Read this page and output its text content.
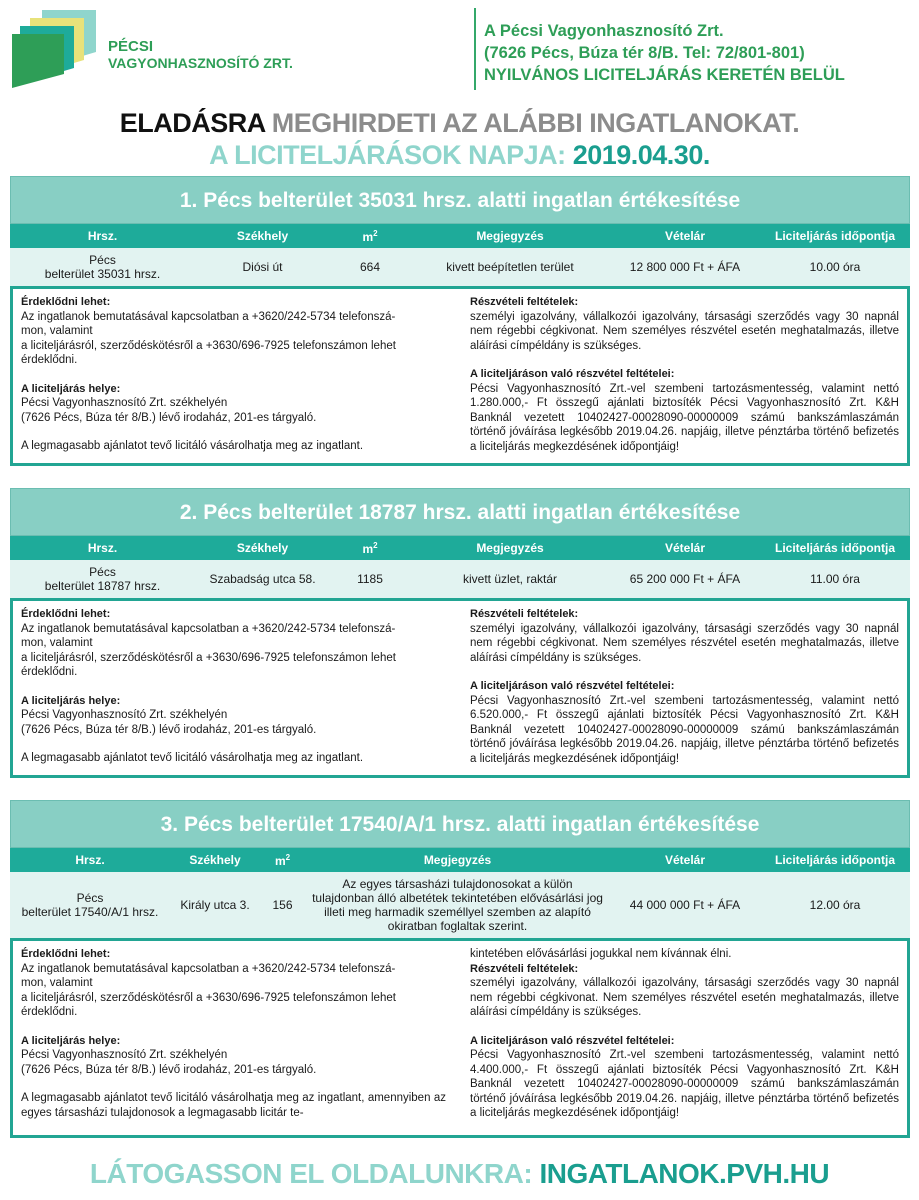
PÉCSI
VAGYONHASZNOSÍTÓ ZRT.
A Pécsi Vagyonhasznosító Zrt.
(7626 Pécs, Búza tér 8/B. Tel: 72/801-801)
NYILVÁNOS LICITELJÁRÁS KERETÉN BELÜL
ELADÁSRA MEGHIRDETI AZ ALÁBBI INGATLANOKAT.
A LICITELJÁRÁSOK NAPJA: 2019.04.30.
1. Pécs belterület 35031 hrsz. alatti ingatlan értékesítése
Hrsz.	Székhely	$m^2$	Megjegyzés	Vételár	Liciteljárás időpontja

Pécs
belterület 35031 hrsz.	Diósi út	664	kivett beépítetlen terület	12 800 000 Ft + ÁFA	10.00 óra
Érdeklődni lehet:
Az ingatlanok bemutatásával kapcsolatban a +3620/242-5734 telefonszá-
mon, valamint
a liciteljárásról, szerződéskötésről a +3630/696-7925 telefonszámon lehet
érdeklődni.
A liciteljárás helye:
Pécsi Vagyonhasznosító Zrt. székhelyén
(7626 Pécs, Búza tér 8/B.) lévő irodaház, 201-es tárgyaló.
A legmagasabb ajánlatot tevő licitáló vásárolhatja meg az ingatlant.
Részvételi feltételek:
személyi igazolvány, vállalkozói igazolvány, társasági szerződés vagy 30 napnál nem régebbi cégkivonat. Nem személyes részvétel esetén meghatalmazás, illetve aláírási címpéldány is szükséges.
A liciteljáráson való részvétel feltételei:
Pécsi Vagyonhasznosító Zrt.-vel szembeni tartozásmentesség, valamint nettó 1.280.000,- Ft összegű ajánlati biztosíték Pécsi Vagyonhasznosító Zrt. K&H Banknál vezetett 10402427-00028090-00000009 számú bankszámlaszámán történő jóváírása legkésőbb 2019.04.26. napjáig, illetve pénztárba történő befizetés a liciteljárás megkezdésének időpontjáig!
2. Pécs belterület 18787 hrsz. alatti ingatlan értékesítése
Hrsz.	Székhely	$m^2$	Megjegyzés	Vételár	Liciteljárás időpontja

Pécs
belterület 18787 hrsz.	Szabadság utca 58.	1185	kivett üzlet, raktár	65 200 000 Ft + ÁFA	11.00 óra
Érdeklődni lehet:
Az ingatlanok bemutatásával kapcsolatban a +3620/242-5734 telefonszá-
mon, valamint
a liciteljárásról, szerződéskötésről a +3630/696-7925 telefonszámon lehet
érdeklődni.
A liciteljárás helye:
Pécsi Vagyonhasznosító Zrt. székhelyén
(7626 Pécs, Búza tér 8/B.) lévő irodaház, 201-es tárgyaló.
A legmagasabb ajánlatot tevő licitáló vásárolhatja meg az ingatlant.
Részvételi feltételek:
személyi igazolvány, vállalkozói igazolvány, társasági szerződés vagy 30 napnál nem régebbi cégkivonat. Nem személyes részvétel esetén meghatalmazás, illetve aláírási címpéldány is szükséges.
A liciteljáráson való részvétel feltételei:
Pécsi Vagyonhasznosító Zrt.-vel szembeni tartozásmentesség, valamint nettó 6.520.000,- Ft összegű ajánlati biztosíték Pécsi Vagyonhasznosító Zrt. K&H Banknál vezetett 10402427-00028090-00000009 számú bankszámlaszámán történő jóváírása legkésőbb 2019.04.26. napjáig, illetve pénztárba történő befizetés a liciteljárás megkezdésének időpontjáig!
3. Pécs belterület 17540/A/1 hrsz. alatti ingatlan értékesítése
Hrsz.	Székhely	$m^2$	Megjegyzés	Vételár	Liciteljárás időpontja

Pécs
belterület 17540/A/1 hrsz.	Király utca 3.	156	Az egyes társasházi tulajdonosokat a külön tulajdonban álló albetétek tekintetében elővásárlási jog illeti meg harmadik személlyel szemben az alapító okiratban foglaltak szerint.	44 000 000 Ft + ÁFA	12.00 óra
Érdeklődni lehet:
Az ingatlanok bemutatásával kapcsolatban a +3620/242-5734 telefonszá-
mon, valamint
a liciteljárásról, szerződéskötésről a +3630/696-7925 telefonszámon lehet
érdeklődni.
A liciteljárás helye:
Pécsi Vagyonhasznosító Zrt. székhelyén
(7626 Pécs, Búza tér 8/B.) lévő irodaház, 201-es tárgyaló.
A legmagasabb ajánlatot tevő licitáló vásárolhatja meg az ingatlant, amennyiben az egyes társasházi tulajdonosok a legmagasabb licitár te-
kintetében elővásárlási jogukkal nem kívánnak élni.
Részvételi feltételek:
személyi igazolvány, vállalkozói igazolvány, társasági szerződés vagy 30 napnál nem régebbi cégkivonat. Nem személyes részvétel esetén meghatalmazás, illetve aláírási címpéldány is szükséges.
A liciteljáráson való részvétel feltételei:
Pécsi Vagyonhasznosító Zrt.-vel szembeni tartozásmentesség, valamint nettó 4.400.000,- Ft összegű ajánlati biztosíték Pécsi Vagyonhasznosító Zrt. K&H Banknál vezetett 10402427-00028090-00000009 számú bankszámlaszámán történő jóváírása legkésőbb 2019.04.26. napjáig, illetve pénztárba történő befizetés a liciteljárás megkezdésének időpontjáig!
LÁTOGASSON EL OLDALUNKRA: INGATLANOK.PVH.HU
